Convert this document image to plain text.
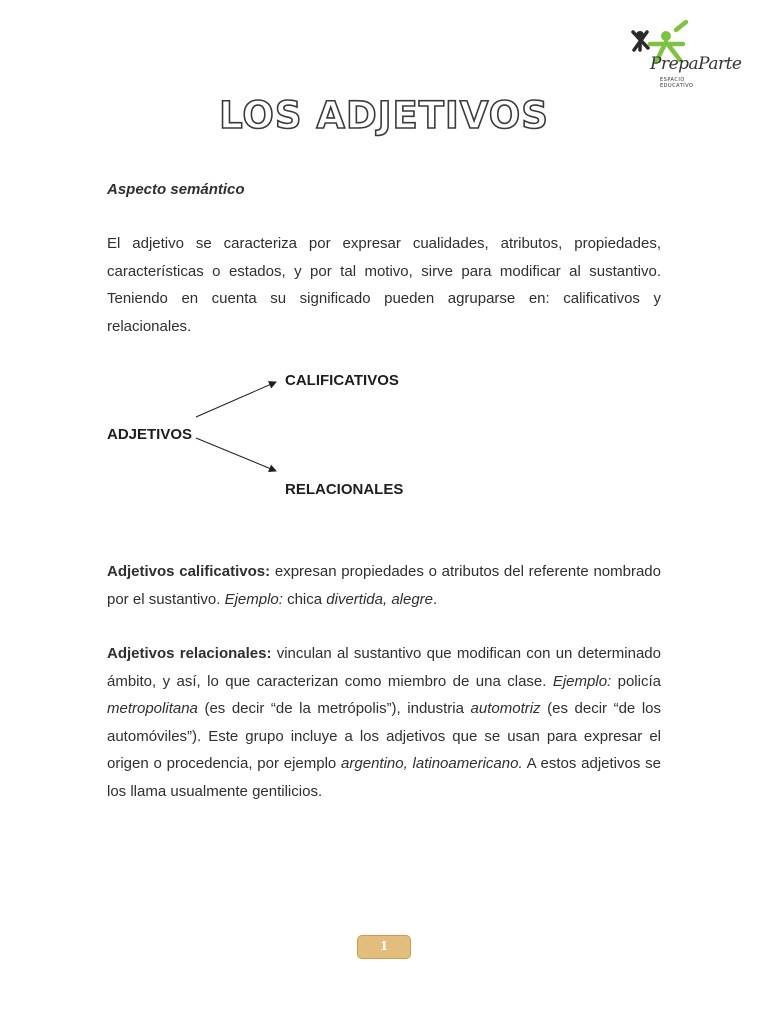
PrepaParte
ESPACIO
EDUCATIVO
LOS ADJETIVOS
Aspecto semántico
El adjetivo se caracteriza por expresar cualidades, atributos, propiedades, características o estados, y por tal motivo, sirve para modificar al sustantivo. Teniendo en cuenta su significado pueden agruparse en: calificativos y relacionales.
ADJETIVOS
CALIFICATIVOS
RELACIONALES
Adjetivos calificativos: expresan propiedades o atributos del referente nombrado por el sustantivo. Ejemplo: chica divertida, alegre.
Adjetivos relacionales: vinculan al sustantivo que modifican con un determinado ámbito, y así, lo que caracterizan como miembro de una clase. Ejemplo: policía metropolitana (es decir “de la metrópolis”), industria automotriz (es decir “de los automóviles”). Este grupo incluye a los adjetivos que se usan para expresar el origen o procedencia, por ejemplo argentino, latinoamericano. A estos adjetivos se los llama usualmente gentilicios.
1
